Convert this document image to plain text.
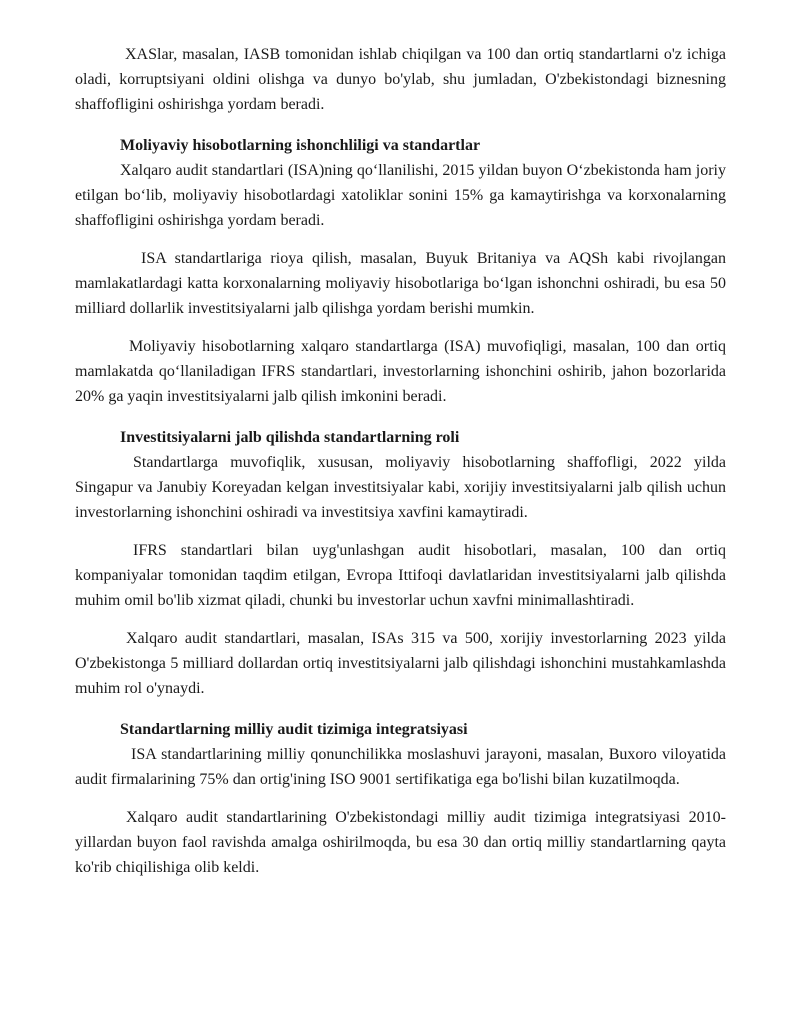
XASlar, masalan, IASB tomonidan ishlab chiqilgan va 100 dan ortiq standartlarni o'z ichiga oladi, korruptsiyani oldini olishga va dunyo bo'ylab, shu jumladan, O'zbekistondagi biznesning shaffofligini oshirishga yordam beradi.

Moliyaviy hisobotlarning ishonchliligi va standartlar

Xalqaro audit standartlari (ISA)ning qo‘llanilishi, 2015 yildan buyon O‘zbekistonda ham joriy etilgan bo‘lib, moliyaviy hisobotlardagi xatoliklar sonini 15% ga kamaytirishga va korxonalarning shaffofligini oshirishga yordam beradi.

ISA standartlariga rioya qilish, masalan, Buyuk Britaniya va AQSh kabi rivojlangan mamlakatlardagi katta korxonalarning moliyaviy hisobotlariga bo‘lgan ishonchni oshiradi, bu esa 50 milliard dollarlik investitsiyalarni jalb qilishga yordam berishi mumkin.

Moliyaviy hisobotlarning xalqaro standartlarga (ISA) muvofiqligi, masalan, 100 dan ortiq mamlakatda qo‘llaniladigan IFRS standartlari, investorlarning ishonchini oshirib, jahon bozorlarida 20% ga yaqin investitsiyalarni jalb qilish imkonini beradi.

Investitsiyalarni jalb qilishda standartlarning roli

Standartlarga muvofiqlik, xususan, moliyaviy hisobotlarning shaffofligi, 2022 yilda Singapur va Janubiy Koreyadan kelgan investitsiyalar kabi, xorijiy investitsiyalarni jalb qilish uchun investorlarning ishonchini oshiradi va investitsiya xavfini kamaytiradi.

IFRS standartlari bilan uyg'unlashgan audit hisobotlari, masalan, 100 dan ortiq kompaniyalar tomonidan taqdim etilgan, Evropa Ittifoqi davlatlaridan investitsiyalarni jalb qilishda muhim omil bo'lib xizmat qiladi, chunki bu investorlar uchun xavfni minimallashtiradi.

Xalqaro audit standartlari, masalan, ISAs 315 va 500, xorijiy investorlarning 2023 yilda O'zbekistonga 5 milliard dollardan ortiq investitsiyalarni jalb qilishdagi ishonchini mustahkamlashda muhim rol o'ynaydi.

Standartlarning milliy audit tizimiga integratsiyasi

ISA standartlarining milliy qonunchilikka moslashuvi jarayoni, masalan, Buxoro viloyatida audit firmalarining 75% dan ortig'ining ISO 9001 sertifikatiga ega bo'lishi bilan kuzatilmoqda.

Xalqaro audit standartlarining O'zbekistondagi milliy audit tizimiga integratsiyasi 2010-yillardan buyon faol ravishda amalga oshirilmoqda, bu esa 30 dan ortiq milliy standartlarning qayta ko'rib chiqilishiga olib keldi.
